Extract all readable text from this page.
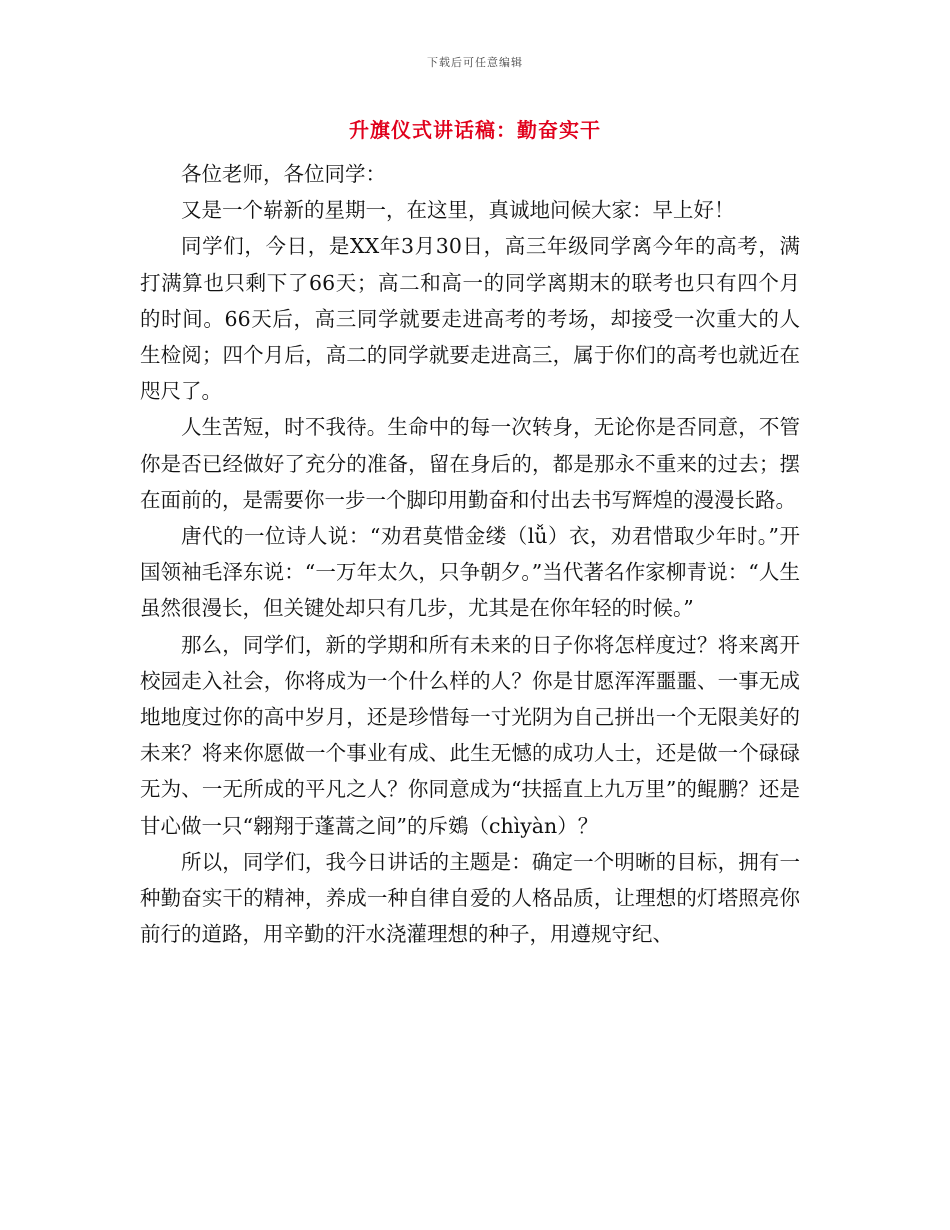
下载后可任意编辑
升旗仪式讲话稿：勤奋实干

各位老师，各位同学：

又是一个崭新的星期一，在这里，真诚地问候大家：早上好！

同学们，今日，是XX年3月30日，高三年级同学离今年的高考，满打满算也只剩下了66天；高二和高一的同学离期末的联考也只有四个月的时间。66天后，高三同学就要走进高考的考场，却接受一次重大的人生检阅；四个月后，高二的同学就要走进高三，属于你们的高考也就近在咫尺了。

人生苦短，时不我待。生命中的每一次转身，无论你是否同意，不管你是否已经做好了充分的准备，留在身后的，都是那永不重来的过去；摆在面前的，是需要你一步一个脚印用勤奋和付出去书写辉煌的漫漫长路。

唐代的一位诗人说：“劝君莫惜金缕（lǚ）衣，劝君惜取少年时。”开国领袖毛泽东说：“一万年太久，只争朝夕。”当代著名作家柳青说：“人生虽然很漫长，但关键处却只有几步，尤其是在你年轻的时候。”

那么，同学们，新的学期和所有未来的日子你将怎样度过？将来离开校园走入社会，你将成为一个什么样的人？你是甘愿浑浑噩噩、一事无成地地度过你的高中岁月，还是珍惜每一寸光阴为自己拼出一个无限美好的未来？将来你愿做一个事业有成、此生无憾的成功人士，还是做一个碌碌无为、一无所成的平凡之人？你同意成为“扶摇直上九万里”的鲲鹏？还是甘心做一只“翱翔于蓬蒿之间”的斥鴳（chìyàn）？

所以，同学们，我今日讲话的主题是：确定一个明晰的目标，拥有一种勤奋实干的精神，养成一种自律自爱的人格品质，让理想的灯塔照亮你前行的道路，用辛勤的汗水浇灌理想的种子，用遵规守纪、
